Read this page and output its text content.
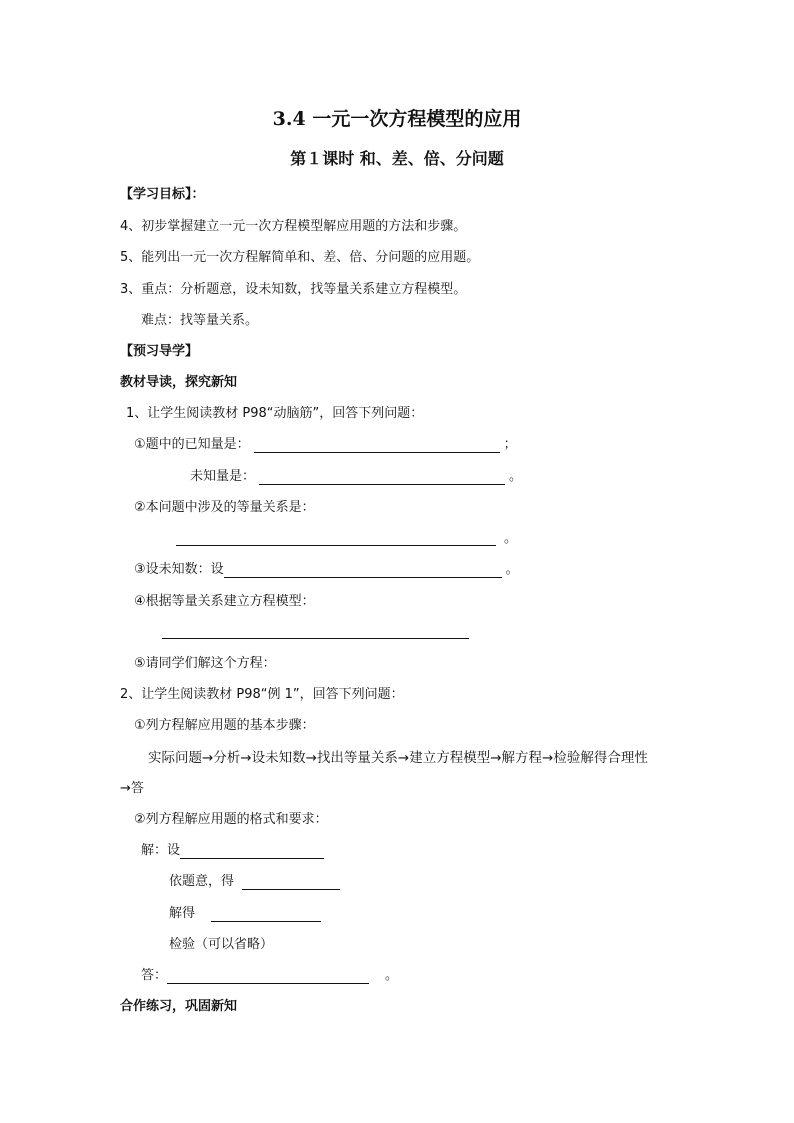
3.4 一元一次方程模型的应用
第１课时 和、差、倍、分问题
【学习目标】：
4、初步掌握建立一元一次方程模型解应用题的方法和步骤。
5、能列出一元一次方程解简单和、差、倍、分问题的应用题。
3、重点：分析题意，设未知数，找等量关系建立方程模型。
难点：找等量关系。
【预习导学】
教材导读，探究新知
1、让学生阅读教材 P98“动脑筋”，回答下列问题：
①题中的已知量是：	；
未知量是：	。
②本问题中涉及的等量关系是：
。
③设未知数：设	。
④根据等量关系建立方程模型：
⑤请同学们解这个方程：
2、让学生阅读教材 P98“例 1”，回答下列问题：
①列方程解应用题的基本步骤：
实际问题→分析→设未知数→找出等量关系→建立方程模型→解方程→检验解得合理性
→答
②列方程解应用题的格式和要求：
解：设
依题意，得
解得
检验（可以省略）
答：	。
合作练习，巩固新知
